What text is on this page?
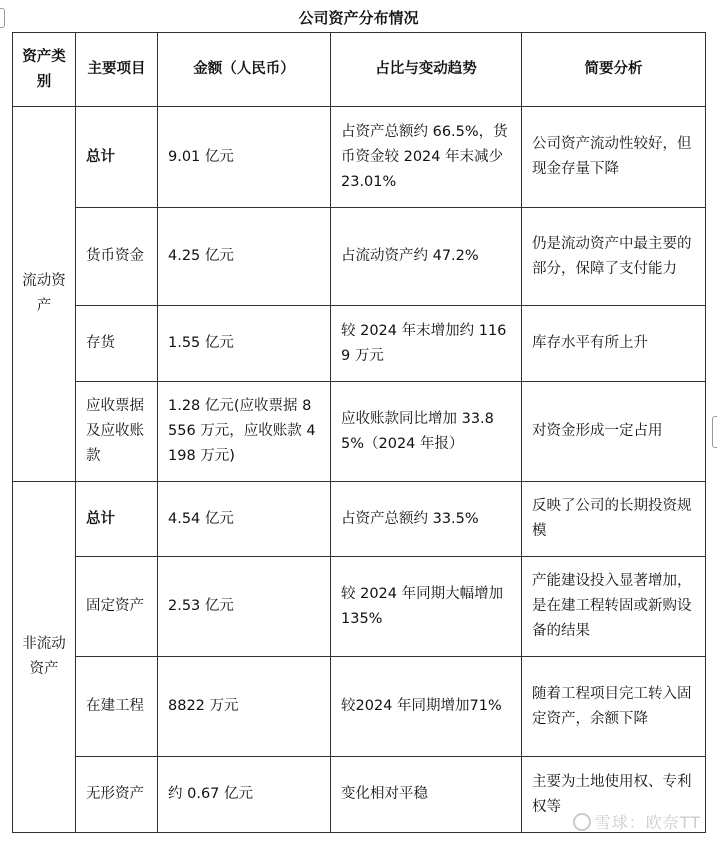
公司资产分布情况
资产类别	主要项目	金额（人民币）	占比与变动趋势	简要分析
流动资产	总计	9.01 亿元	占资产总额约 66.5%，货币资金较 2024 年末减少 23.01%	公司资产流动性较好，但现金存量下降
	货币资金	4.25 亿元	占流动资产约 47.2%	仍是流动资产中最主要的部分，保障了支付能力
	存货	1.55 亿元	较 2024 年末增加约 1169 万元	库存水平有所上升
	应收票据及应收账款	1.28 亿元(应收票据 8556 万元，应收账款 4198 万元)	应收账款同比增加 33.85%（2024 年报）	对资金形成一定占用
非流动资产	总计	4.54 亿元	占资产总额约 33.5%	反映了公司的长期投资规模
	固定资产	2.53 亿元	较 2024 年同期大幅增加 135%	产能建设投入显著增加，是在建工程转固或新购设备的结果
	在建工程	8822 万元	较2024 年同期增加71%	随着工程项目完工转入固定资产，余额下降
	无形资产	约 0.67 亿元	变化相对平稳	主要为土地使用权、专利权等
雪球：欧奈TT
